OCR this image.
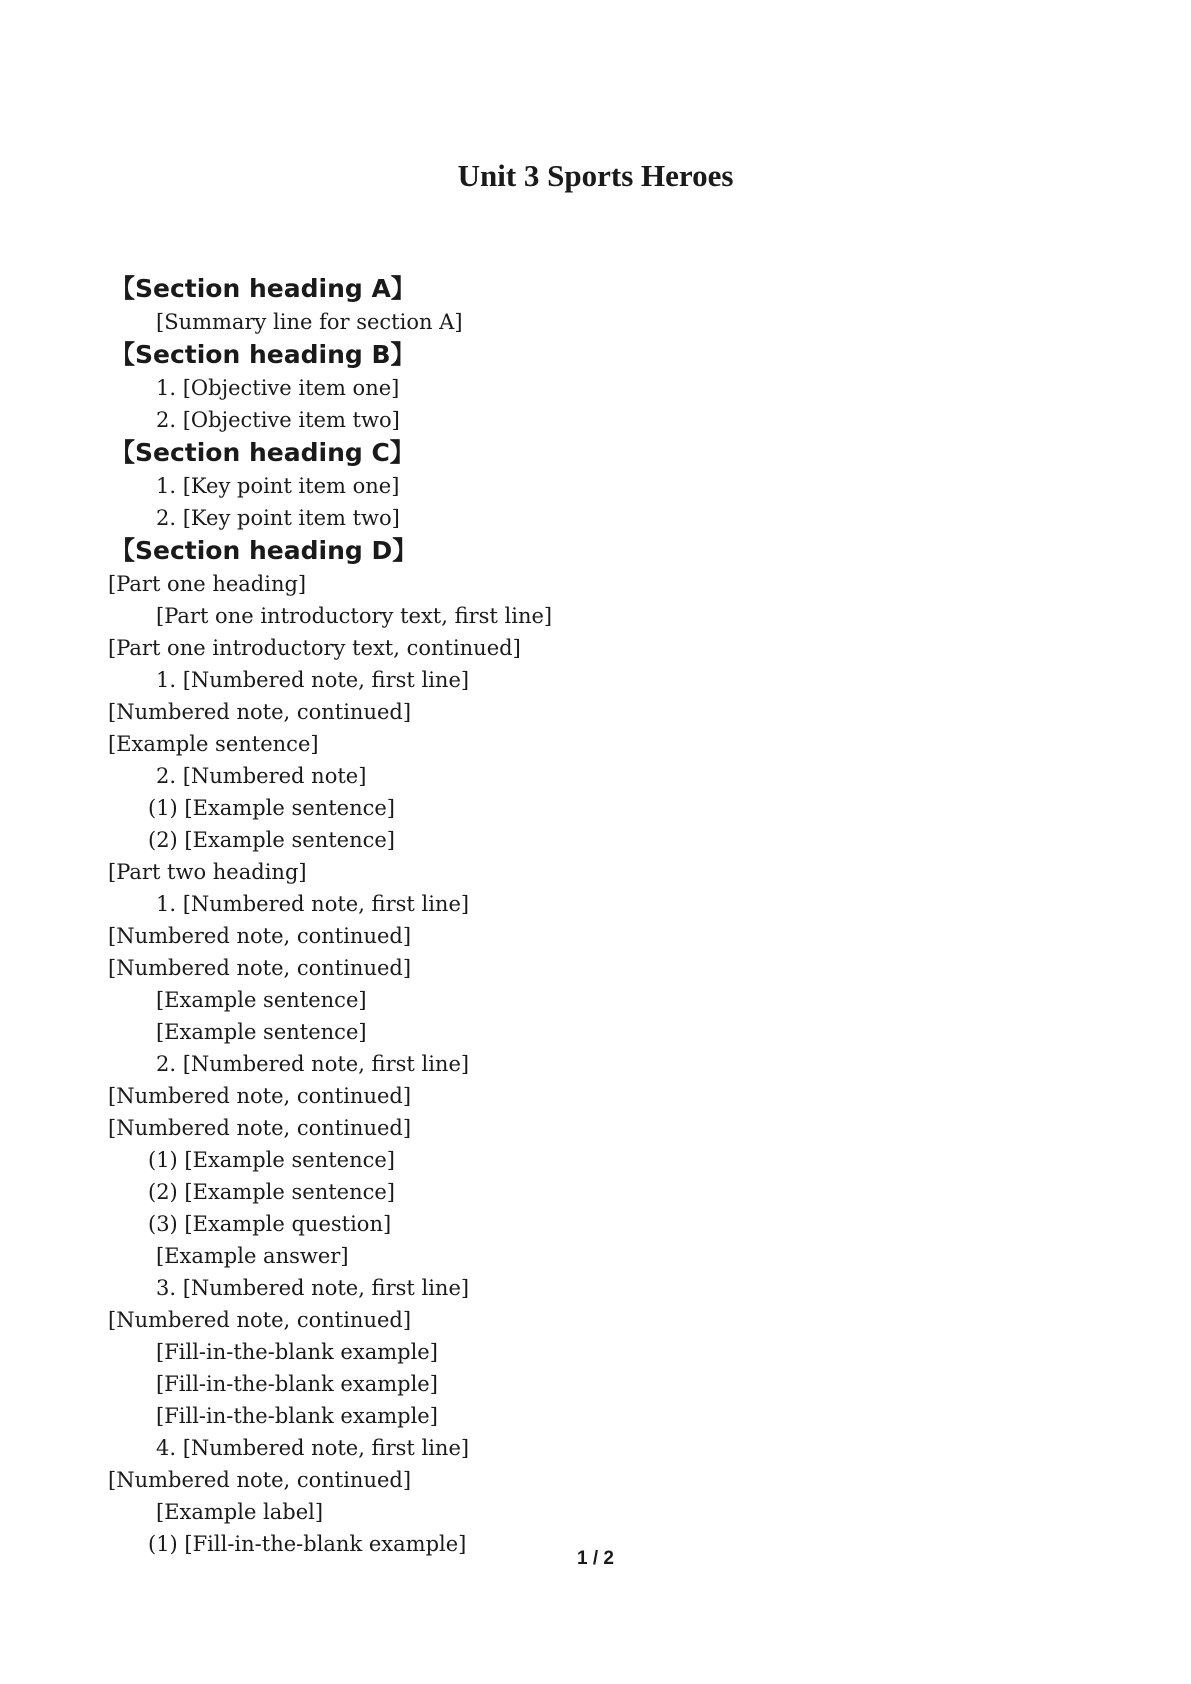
Unit 3 Sports Heroes
【Section heading A】
[Summary line for section A]
【Section heading B】
1. [Objective item one]
2. [Objective item two]
【Section heading C】
1. [Key point item one]
2. [Key point item two]
【Section heading D】
[Part one heading]
[Part one introductory text, first line]
[Part one introductory text, continued]
1. [Numbered note, first line]
[Numbered note, continued]
[Example sentence]
2. [Numbered note]
(1) [Example sentence]
(2) [Example sentence]
[Part two heading]
1. [Numbered note, first line]
[Numbered note, continued]
[Numbered note, continued]
[Example sentence]
[Example sentence]
2. [Numbered note, first line]
[Numbered note, continued]
[Numbered note, continued]
(1) [Example sentence]
(2) [Example sentence]
(3) [Example question]
[Example answer]
3. [Numbered note, first line]
[Numbered note, continued]
[Fill-in-the-blank example]
[Fill-in-the-blank example]
[Fill-in-the-blank example]
4. [Numbered note, first line]
[Numbered note, continued]
[Example label]
(1) [Fill-in-the-blank example]
1 / 2
